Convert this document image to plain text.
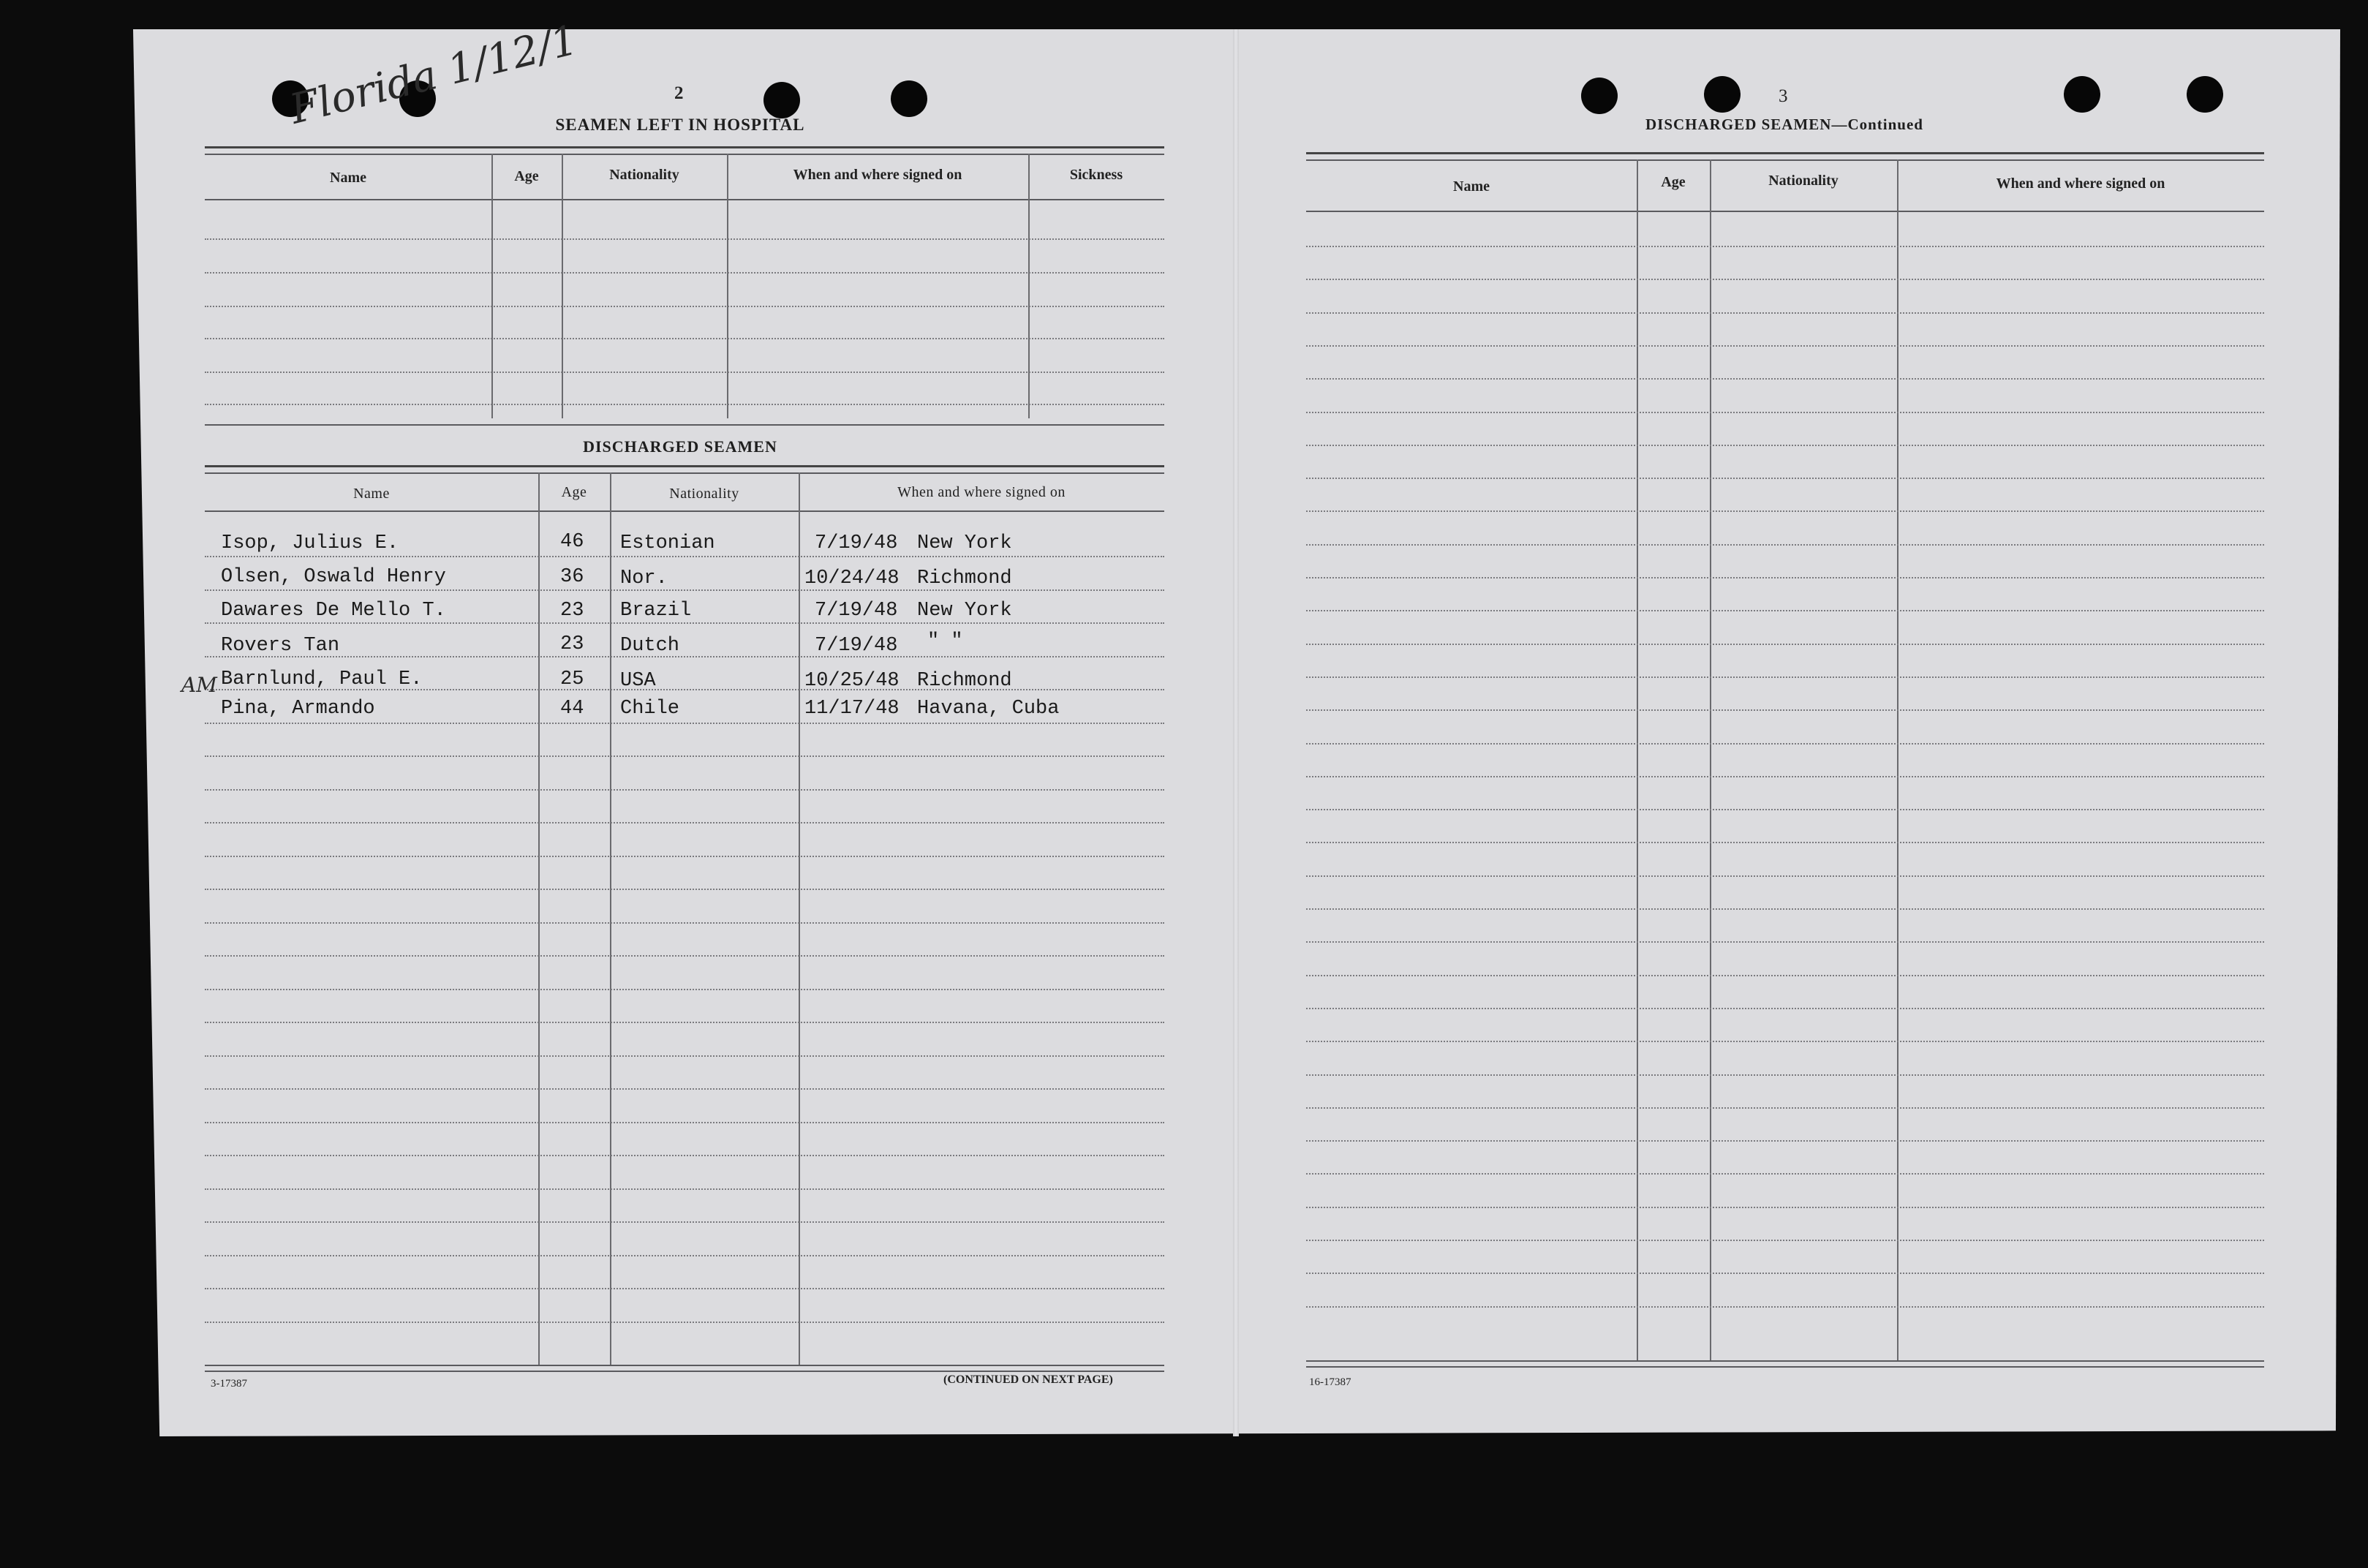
Florida 1/12/1	2
SEAMEN LEFT IN HOSPITAL
Name	Age	Nationality	When and where signed on	Sickness
DISCHARGED SEAMEN
Name	Age	Nationality	When and where signed on
AM
Isop, Julius E.	46 Estonian	7/19/48 New York
Olsen, Oswald Henry	36 Nor.	10/24/48 Richmond
Dawares De Mello T.	23 Brazil	7/19/48 New York
Rovers Tan	23 Dutch	7/19/48 " "
Barnlund, Paul E.	25 USA	10/25/48 Richmond
Pina, Armando	44 Chile	11/17/48 Havana, Cuba
3-17387	(CONTINUED ON NEXT PAGE)
3
DISCHARGED SEAMEN—Continued
Name	Age	Nationality	When and where signed on
16-17387
